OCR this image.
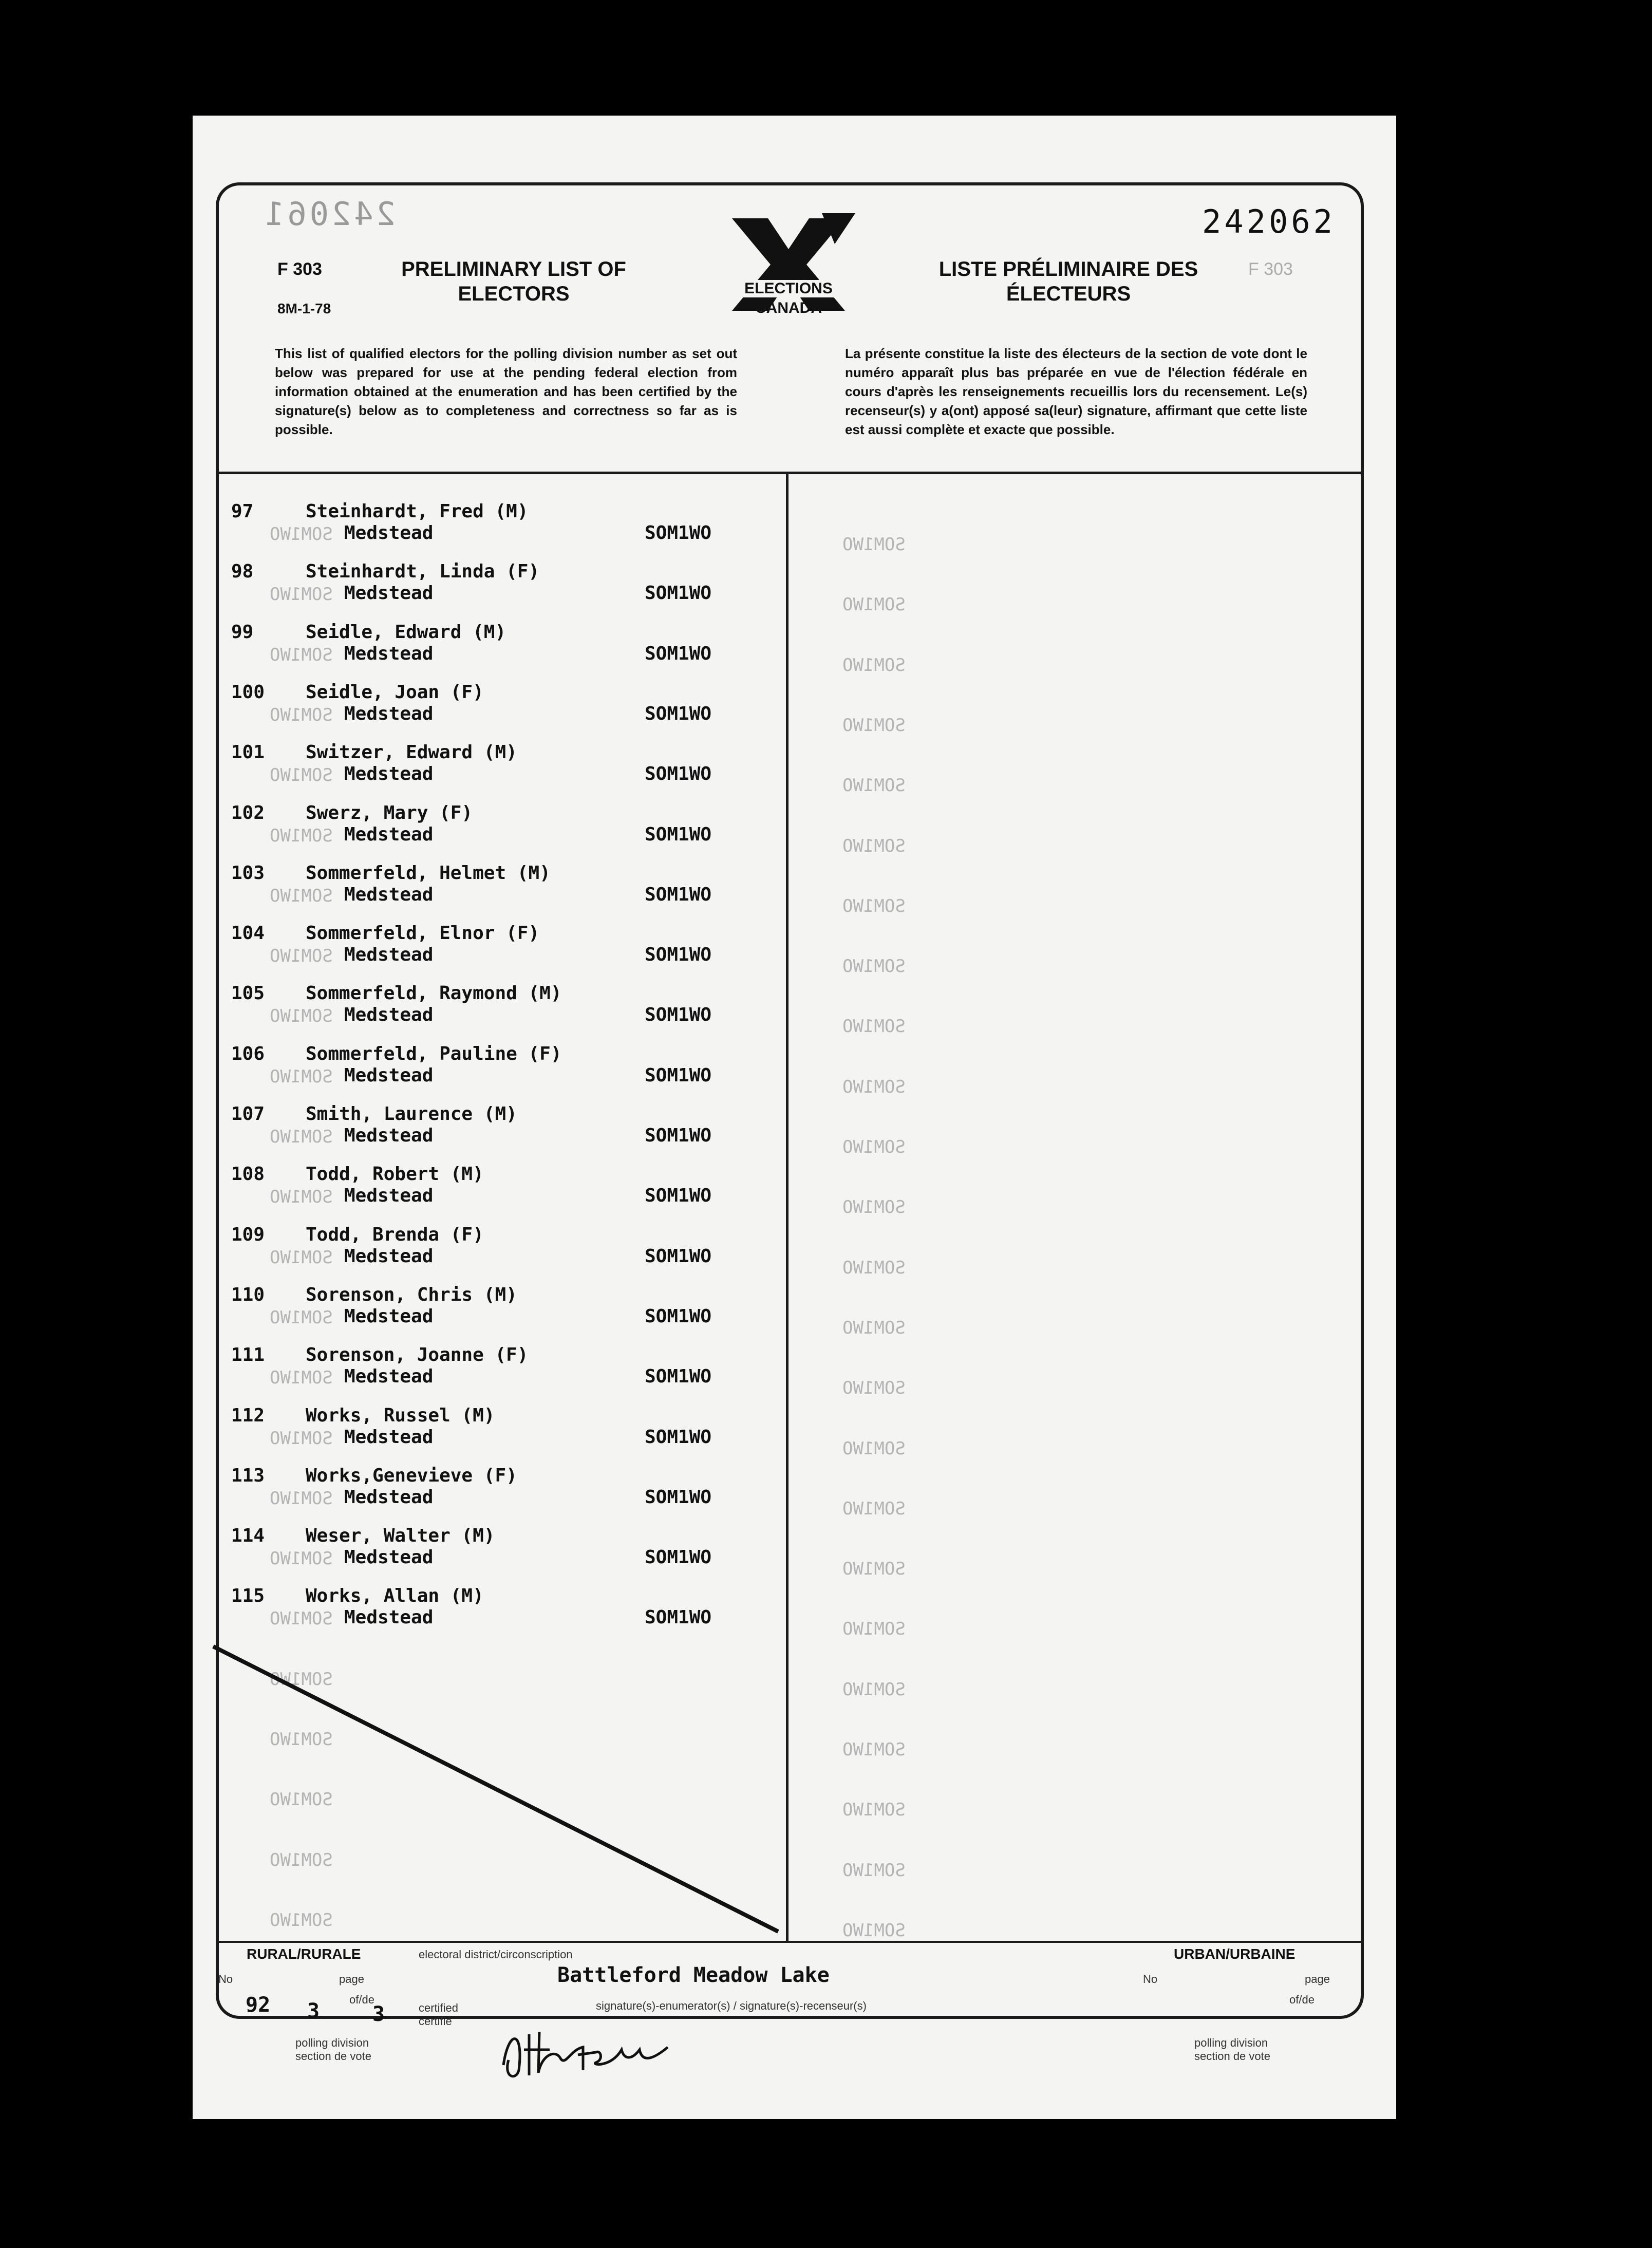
242061	242062
F 303
8M-1-78
F 303
PRELIMINARY LIST OF
ELECTORS
LISTE PRÉLIMINAIRE DES
ÉLECTEURS
ELECTIONS
CANADA
This list of qualified electors for the polling division number as set out below was prepared for use at the pending federal election from information obtained at the enumeration and has been certified by the signature(s) below as to completeness and correctness so far as is possible.
La présente constitue la liste des électeurs de la section de vote dont le numéro apparaît plus bas préparée en vue de l'élection fédérale en cours d'après les renseignements recueillis lors du recensement. Le(s) recenseur(s) y a(ont) apposé sa(leur) signature, affirmant que cette liste est aussi complète et exacte que possible.
97	Steinhardt, Fred (M)
Medstead	SOM1WO
98	Steinhardt, Linda (F)
Medstead	SOM1WO
99	Seidle, Edward (M)
Medstead	SOM1WO
100 Seidle, Joan (F)
Medstead	SOM1WO
101 Switzer, Edward (M)
Medstead	SOM1WO
102 Swerz, Mary (F)
Medstead	SOM1WO
103 Sommerfeld, Helmet (M)
Medstead	SOM1WO
104 Sommerfeld, Elnor (F)
Medstead	SOM1WO
105 Sommerfeld, Raymond (M)
Medstead	SOM1WO
106 Sommerfeld, Pauline (F)
Medstead	SOM1WO
107 Smith, Laurence (M)
Medstead	SOM1WO
108 Todd, Robert (M)
Medstead	SOM1WO
109 Todd, Brenda (F)
Medstead	SOM1WO
110 Sorenson, Chris (M)
Medstead	SOM1WO
111 Sorenson, Joanne (F)
Medstead	SOM1WO
112 Works, Russel (M)
Medstead	SOM1WO
113 Works,Genevieve (F)
Medstead	SOM1WO
114 Weser, Walter (M)
Medstead	SOM1WO
115 Works, Allan (M)
Medstead	SOM1WO
SOM1WO	SOM1WO
SOM1WO	SOM1WO
SOM1WO	SOM1WO
SOM1WO	SOM1WO
SOM1WO	SOM1WO
SOM1WO	SOM1WO
SOM1WO	SOM1WO
SOM1WO	SOM1WO
SOM1WO	SOM1WO
SOM1WO	SOM1WO
SOM1WO	SOM1WO
SOM1WO	SOM1WO
SOM1WO	SOM1WO
SOM1WO	SOM1WO
SOM1WO	SOM1WO
SOM1WO	SOM1WO
SOM1WO	SOM1WO
SOM1WO	SOM1WO
SOM1WO	SOM1WO
SOM1WO	SOM1WO
SOM1WO	SOM1WO
SOM1WO	SOM1WO
SOM1WO	SOM1WO
SOM1WO	SOM1WO
RURAL/RURALE	URBAN/URBAINE
electoral district/circonscription
Battleford Meadow Lake
No	page
of/de
No	page
of/de
92 3	3	certified certifié
signature(s)-enumerator(s) / signature(s)-recenseur(s)
polling division
section de vote
polling division
section de vote
